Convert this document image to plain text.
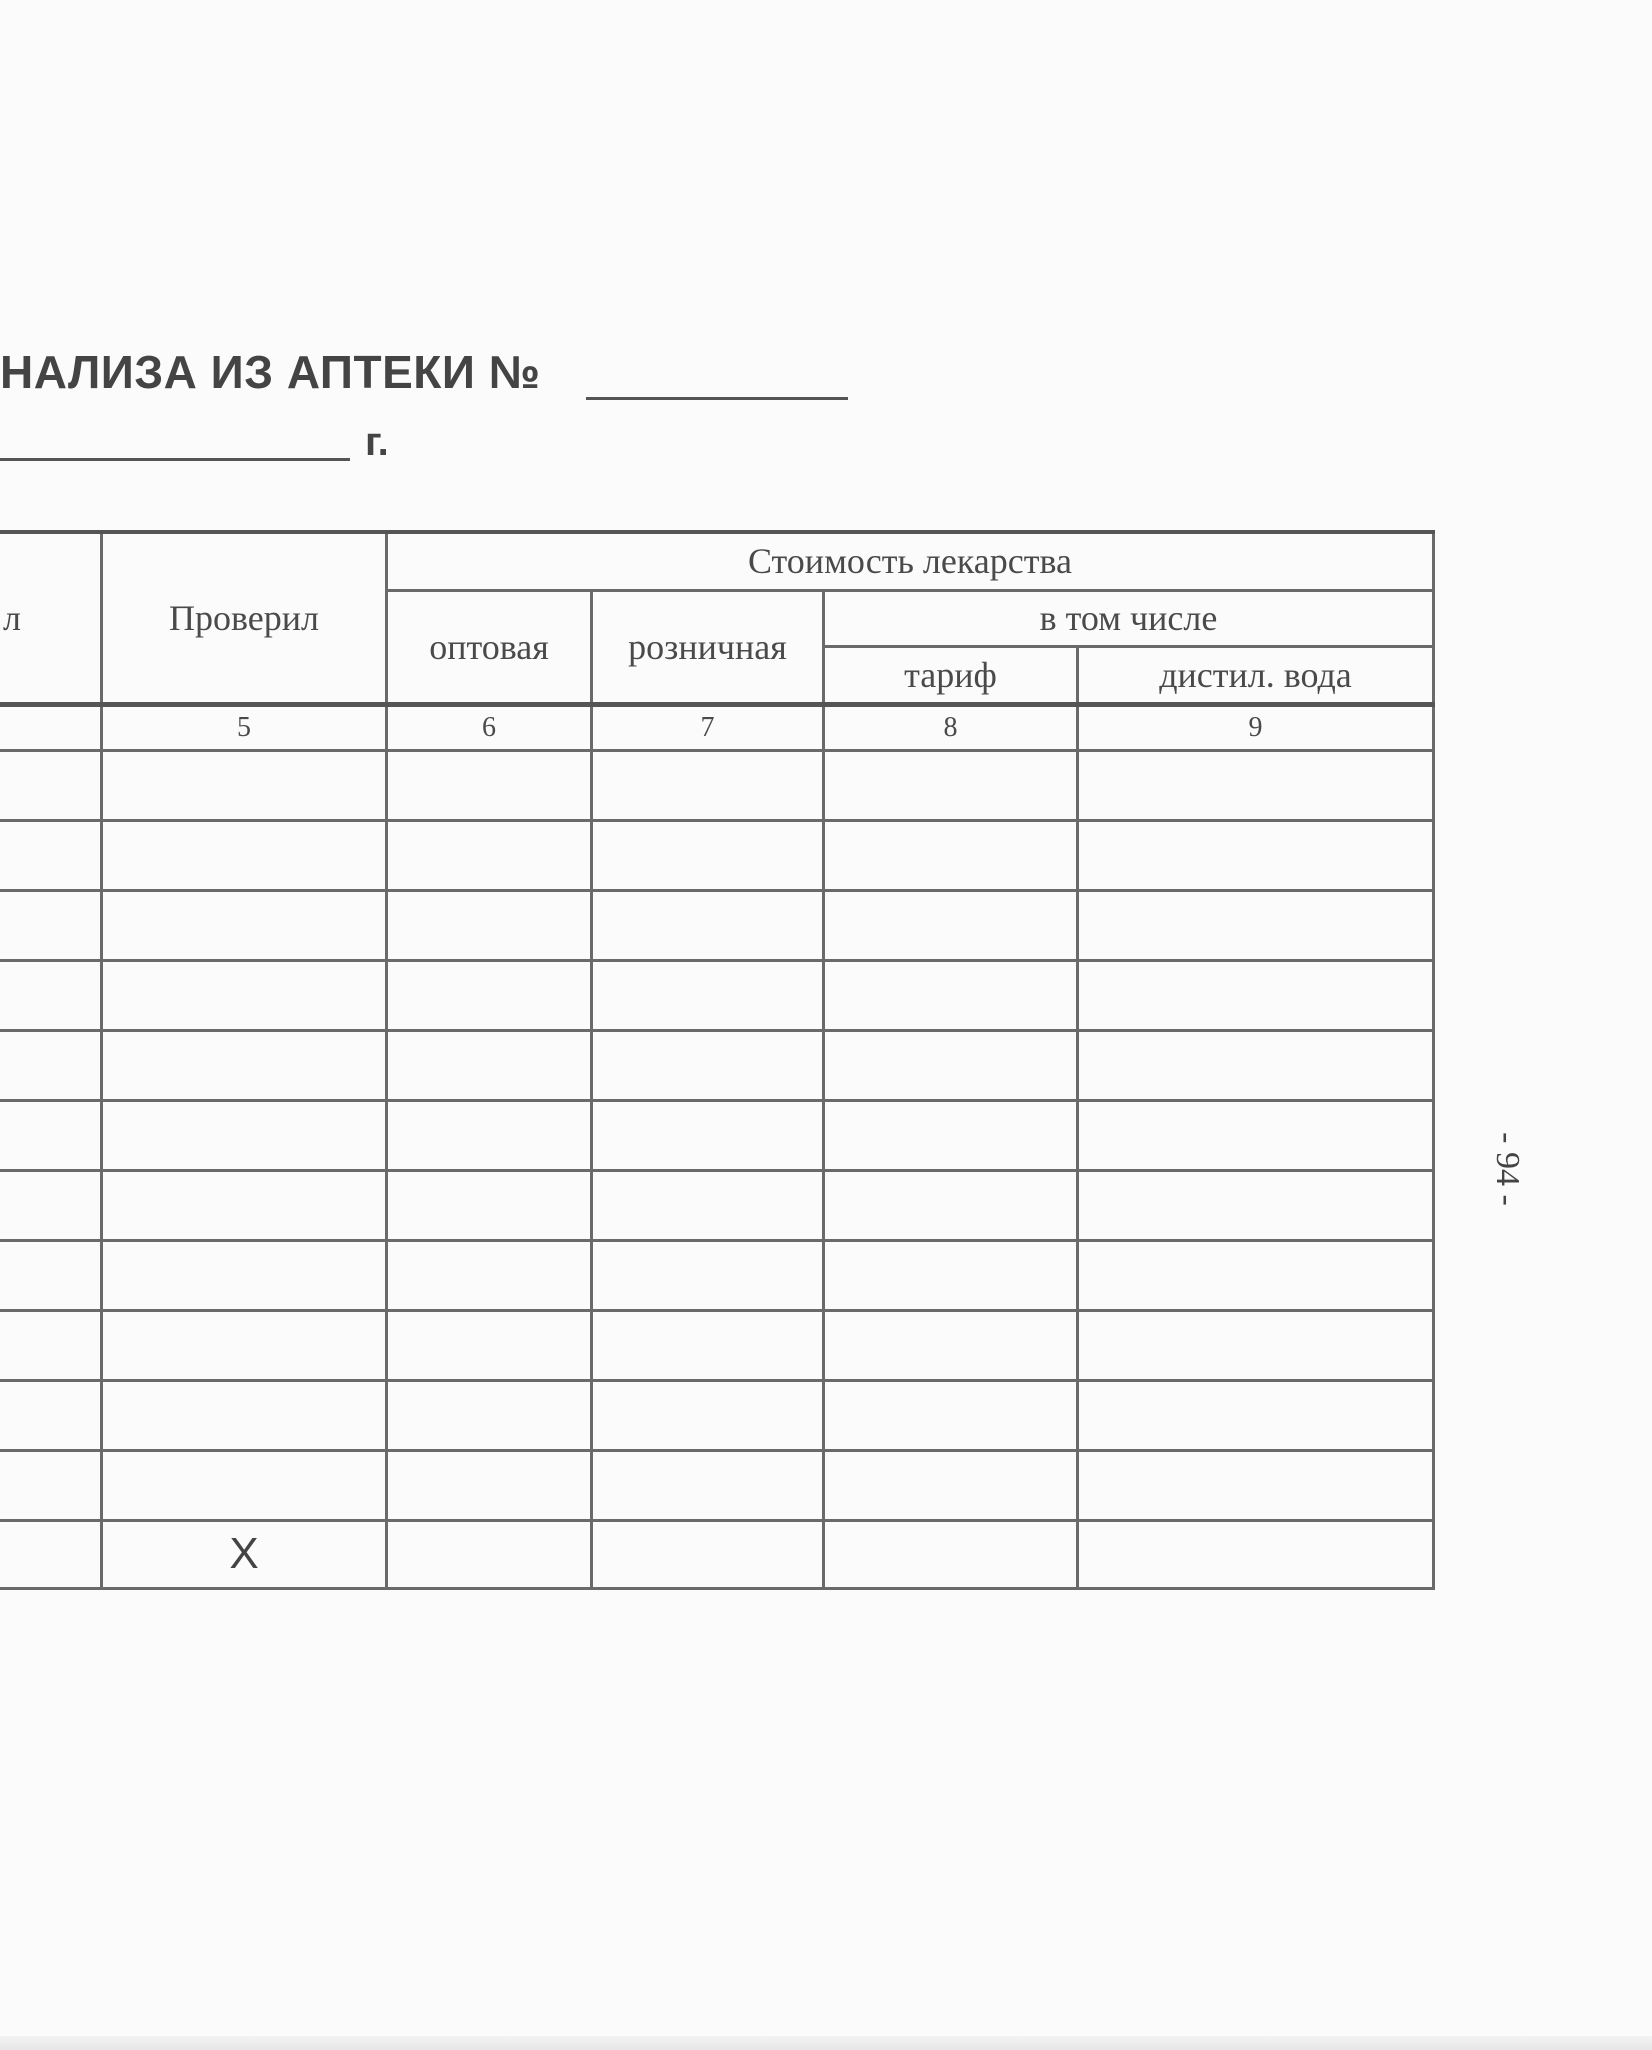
НАЛИЗА ИЗ АПТЕКИ №
г.
л	Проверил	Стоимость лекарства			
		оптовая	розничная	в том числе	
				тариф	дистил. вода
	5	6	7	8	9

	X				
- 94 -
